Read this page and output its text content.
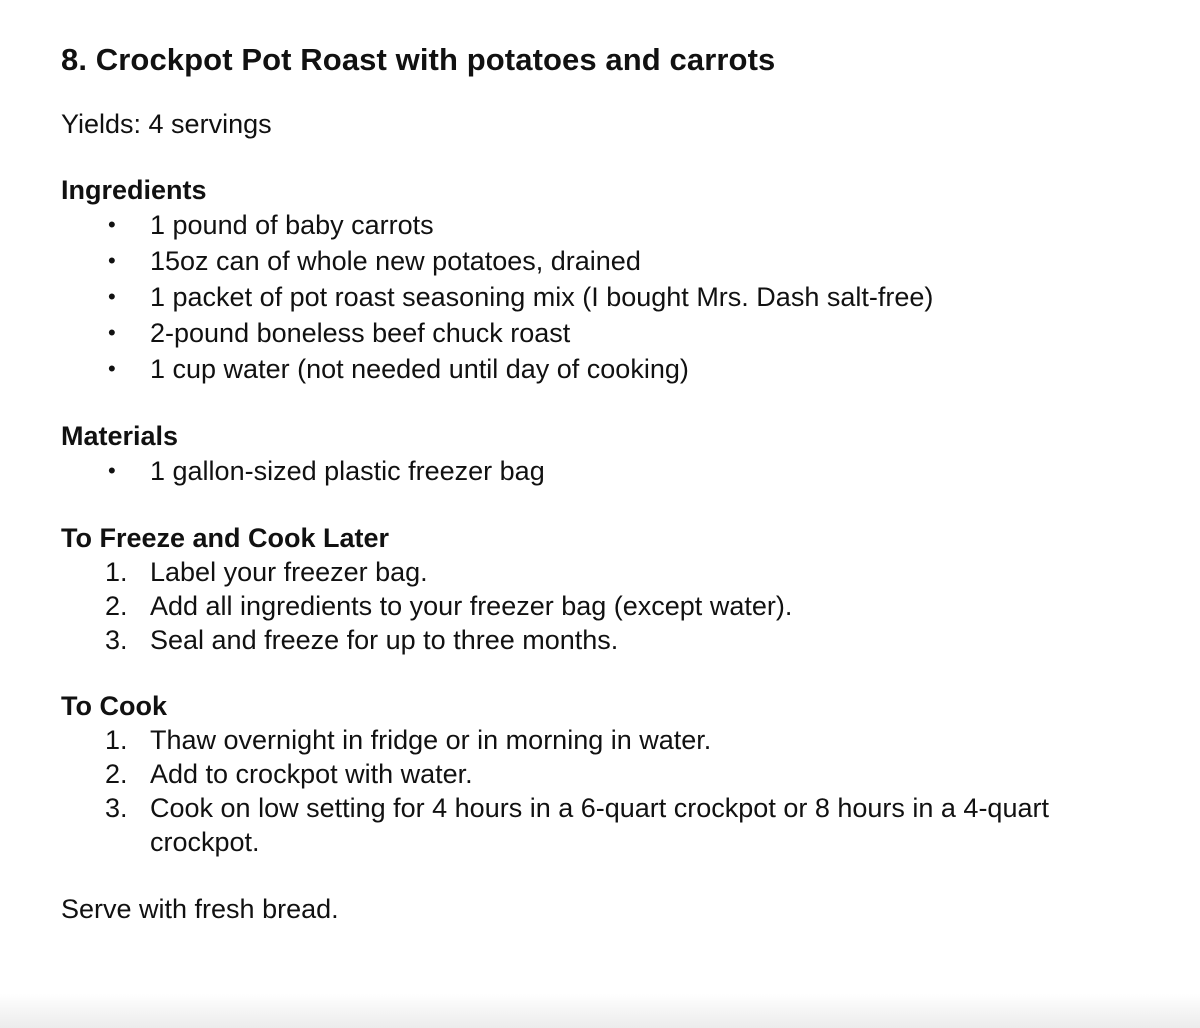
8. Crockpot Pot Roast with potatoes and carrots
Yields: 4 servings
Ingredients
• 1 pound of baby carrots
• 15oz can of whole new potatoes, drained
• 1 packet of pot roast seasoning mix (I bought Mrs. Dash salt-free)
• 2-pound boneless beef chuck roast
• 1 cup water (not needed until day of cooking)
Materials
• 1 gallon-sized plastic freezer bag
To Freeze and Cook Later
1. Label your freezer bag.
2. Add all ingredients to your freezer bag (except water).
3. Seal and freeze for up to three months.
To Cook
1. Thaw overnight in fridge or in morning in water.
2. Add to crockpot with water.
3. Cook on low setting for 4 hours in a 6-quart crockpot or 8 hours in a 4-quart crockpot.
Serve with fresh bread.
